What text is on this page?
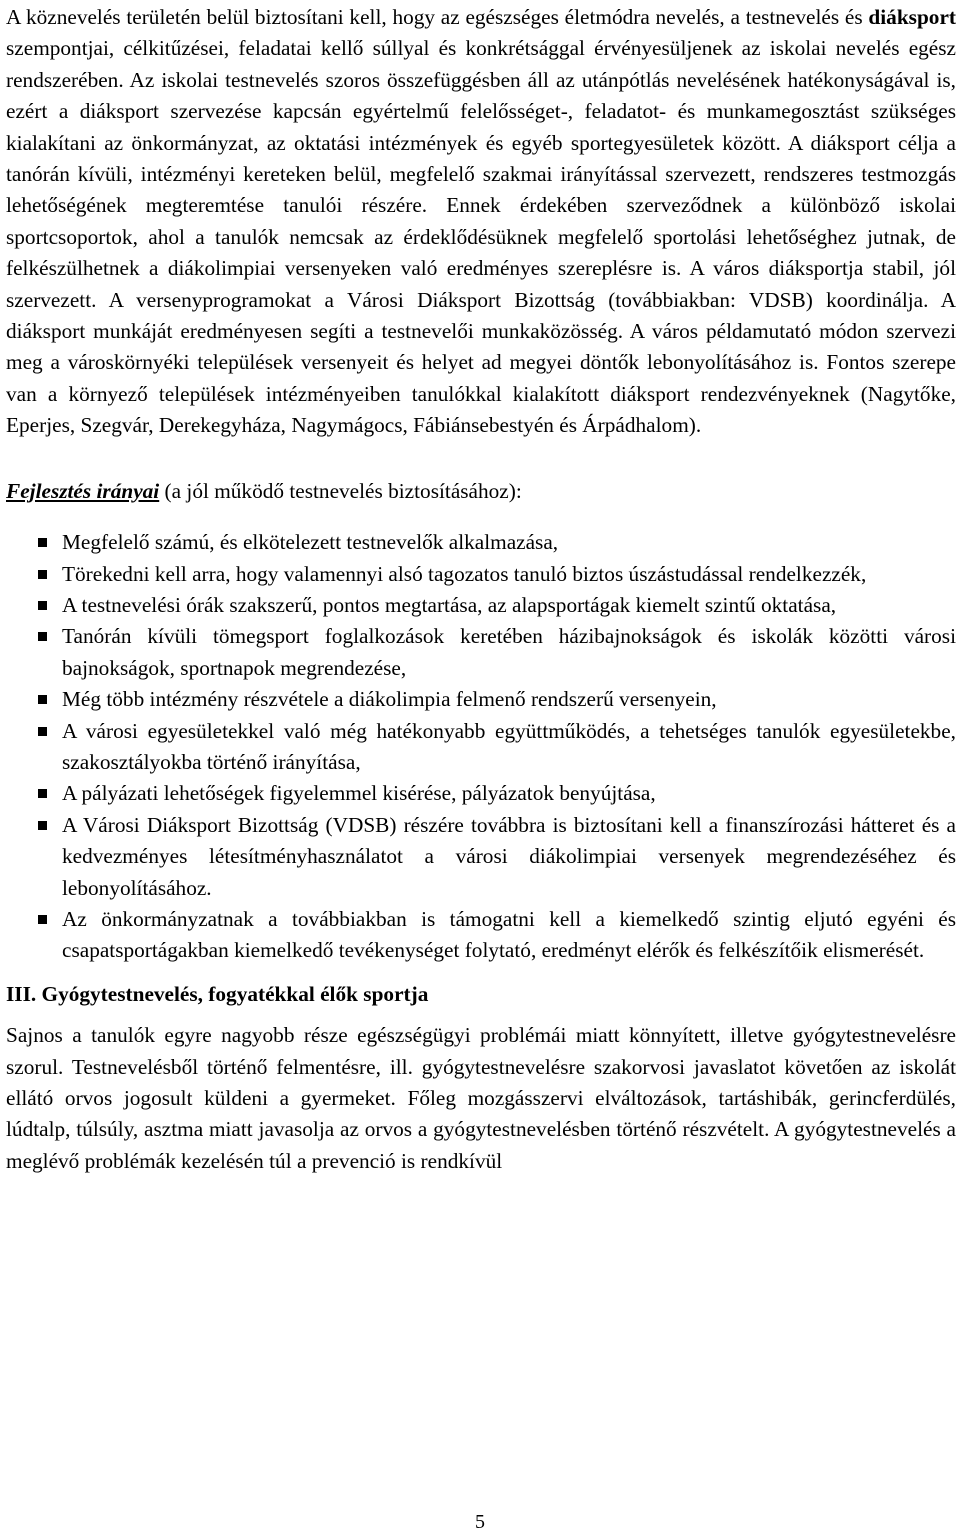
A köznevelés területén belül biztosítani kell, hogy az egészséges életmódra nevelés, a testnevelés és diáksport szempontjai, célkitűzései, feladatai kellő súllyal és konkrétsággal érvényesüljenek az iskolai nevelés egész rendszerében. Az iskolai testnevelés szoros összefüggésben áll az utánpótlás nevelésének hatékonyságával is, ezért a diáksport szervezése kapcsán egyértelmű felelősséget-, feladatot- és munkamegosztást szükséges kialakítani az önkormányzat, az oktatási intézmények és egyéb sportegyesületek között. A diáksport célja a tanórán kívüli, intézményi kereteken belül, megfelelő szakmai irányítással szervezett, rendszeres testmozgás lehetőségének megteremtése tanulói részére. Ennek érdekében szerveződnek a különböző iskolai sportcsoportok, ahol a tanulók nemcsak az érdeklődésüknek megfelelő sportolási lehetőséghez jutnak, de felkészülhetnek a diákolimpiai versenyeken való eredményes szereplésre is. A város diáksportja stabil, jól szervezett. A versenyprogramokat a Városi Diáksport Bizottság (továbbiakban: VDSB) koordinálja. A diáksport munkáját eredményesen segíti a testnevelői munkaközösség. A város példamutató módon szervezi meg a városkörnyéki települések versenyeit és helyet ad megyei döntők lebonyolításához is. Fontos szerepe van a környező települések intézményeiben tanulókkal kialakított diáksport rendezvényeknek (Nagytőke, Eperjes, Szegvár, Derekegyháza, Nagymágocs, Fábiánsebestyén és Árpádhalom).

Fejlesztés irányai (a jól működő testnevelés biztosításához):
Megfelelő számú, és elkötelezett testnevelők alkalmazása,
Törekedni kell arra, hogy valamennyi alsó tagozatos tanuló biztos úszástudással rendelkezzék,
A testnevelési órák szakszerű, pontos megtartása, az alapsportágak kiemelt szintű oktatása,
Tanórán kívüli tömegsport foglalkozások keretében házibajnokságok és iskolák közötti városi bajnokságok, sportnapok megrendezése,
Még több intézmény részvétele a diákolimpia felmenő rendszerű versenyein,
A városi egyesületekkel való még hatékonyabb együttműködés, a tehetséges tanulók egyesületekbe, szakosztályokba történő irányítása,
A pályázati lehetőségek figyelemmel kisérése, pályázatok benyújtása,
A Városi Diáksport Bizottság (VDSB) részére továbbra is biztosítani kell a finanszírozási hátteret és a kedvezményes létesítményhasználatot a városi diákolimpiai versenyek megrendezéséhez és lebonyolításához.
Az önkormányzatnak a továbbiakban is támogatni kell a kiemelkedő szintig eljutó egyéni és csapatsportágakban kiemelkedő tevékenységet folytató, eredményt elérők és felkészítőik elismerését.
III. Gyógytestnevelés, fogyatékkal élők sportja

Sajnos a tanulók egyre nagyobb része egészségügyi problémái miatt könnyített, illetve gyógytestnevelésre szorul. Testnevelésből történő felmentésre, ill. gyógytestnevelésre szakorvosi javaslatot követően az iskolát ellátó orvos jogosult küldeni a gyermeket. Főleg mozgásszervi elváltozások, tartáshibák, gerincferdülés, lúdtalp, túlsúly, asztma miatt javasolja az orvos a gyógytestnevelésben történő részvételt. A gyógytestnevelés a meglévő problémák kezelésén túl a prevenció is rendkívül

5
